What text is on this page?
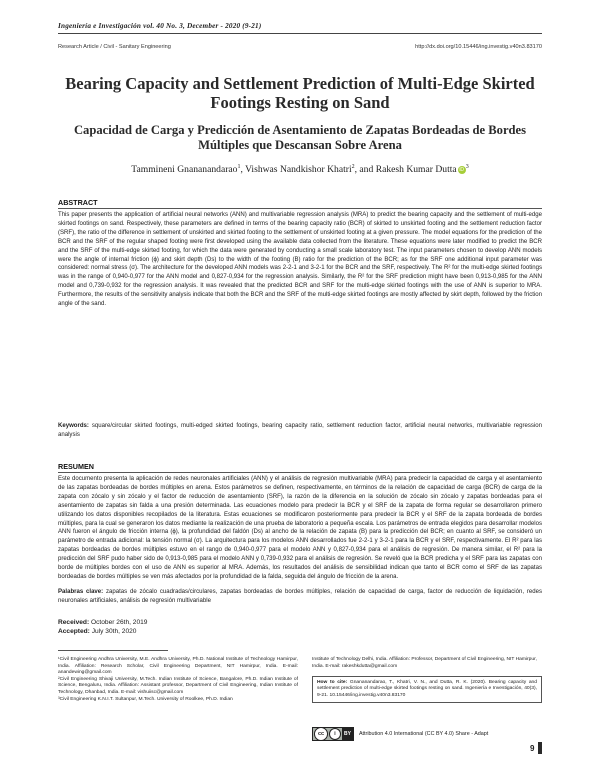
Ingeniería e Investigación vol. 40 No. 3, December - 2020 (9-21)
Research Article / Civil - Sanitary Engineering	http://dx.doi.org/10.15446/ing.investig.v40n3.83170
Bearing Capacity and Settlement Prediction of Multi-Edge Skirted Footings Resting on Sand
Capacidad de Carga y Predicción de Asentamiento de Zapatas Bordeadas de Bordes Múltiples que Descansan Sobre Arena
Tammineni Gnananandarao$^1$, Vishwas Nandkishor Khatri$^2$, and Rakesh Kumar Dutta iD $^3$
ABSTRACT

This paper presents the application of artificial neural networks (ANN) and multivariable regression analysis (MRA) to predict the bearing capacity and the settlement of multi-edge skirted footings on sand. Respectively, these parameters are defined in terms of the bearing capacity ratio (BCR) of skirted to unskirted footing and the settlement reduction factor (SRF), the ratio of the difference in settlement of unskirted and skirted footing to the settlement of unskirted footing at a given pressure. The model equations for the prediction of the BCR and the SRF of the regular shaped footing were first developed using the available data collected from the literature. These equations were later modified to predict the BCR and the SRF of the multi-edge skirted footing, for which the data were generated by conducting a small scale laboratory test. The input parameters chosen to develop ANN models were the angle of internal friction (ϕ) and skirt depth (Ds) to the width of the footing (B) ratio for the prediction of the BCR; as for the SRF one additional input parameter was considered: normal stress (σ). The architecture for the developed ANN models was 2-2-1 and 3-2-1 for the BCR and the SRF, respectively. The R² for the multi-edge skirted footings was in the range of 0,940-0,977 for the ANN model and 0,827-0,934 for the regression analysis. Similarly, the R² for the SRF prediction might have been 0,913-0,985 for the ANN model and 0,739-0,932 for the regression analysis. It was revealed that the predicted BCR and SRF for the multi-edge skirted footings with the use of ANN is superior to MRA. Furthermore, the results of the sensitivity analysis indicate that both the BCR and the SRF of the multi-edge skirted footings are mostly affected by skirt depth, followed by the friction angle of the sand.

Keywords: square/circular skirted footings, multi-edged skirted footings, bearing capacity ratio, settlement reduction factor, artificial neural networks, multivariable regression analysis

RESUMEN

Este documento presenta la aplicación de redes neuronales artificiales (ANN) y el análisis de regresión multivariable (MRA) para predecir la capacidad de carga y el asentamiento de las zapatas bordeadas de bordes múltiples en arena. Estos parámetros se definen, respectivamente, en términos de la relación de capacidad de carga (BCR) de carga de la zapata con zócalo y sin zócalo y el factor de reducción de asentamiento (SRF), la razón de la diferencia en la solución de zócalo sin zócalo y zapatas bordeadas para el asentamiento de zapatas sin falda a una presión determinada. Las ecuaciones modelo para predecir la BCR y el SRF de la zapata de forma regular se desarrollaron primero utilizando los datos disponibles recopilados de la literatura. Estas ecuaciones se modificaron posteriormente para predecir la BCR y el SRF de la zapata bordeada de bordes múltiples, para la cual se generaron los datos mediante la realización de una prueba de laboratorio a pequeña escala. Los parámetros de entrada elegidos para desarrollar modelos ANN fueron el ángulo de fricción interna (ϕ), la profundidad del faldón (Ds) al ancho de la relación de zapata (B) para la predicción del BCR; en cuanto al SRF, se consideró un parámetro de entrada adicional: la tensión normal (σ). La arquitectura para los modelos ANN desarrollados fue 2-2-1 y 3-2-1 para la BCR y el SRF, respectivamente. El R² para las zapatas bordeadas de bordes múltiples estuvo en el rango de 0,940-0,977 para el modelo ANN y 0,827-0,934 para el análisis de regresión. De manera similar, el R² para la predicción del SRF pudo haber sido de 0,913-0,985 para el modelo ANN y 0,739-0,932 para el análisis de regresión. Se reveló que la BCR predicha y el SRF para las zapatas con borde de múltiples bordes con el uso de ANN es superior al MRA. Además, los resultados del análisis de sensibilidad indican que tanto el BCR como el SRF de las zapatas bordeadas de bordes múltiples se ven más afectados por la profundidad de la falda, seguida del ángulo de fricción de la arena.

Palabras clave: zapatas de zócalo cuadradas/circulares, zapatas bordeadas de bordes múltiples, relación de capacidad de carga, factor de reducción de liquidación, redes neuronales artificiales, análisis de regresión multivariable

Received: October 26th, 2019
Accepted: July 30th, 2020

¹Civil Engineering Andhra University, M.E. Andhra University, Ph.D. National Institute of Technology Hamirpur, India. Affiliation: Research Scholar, Civil Engineering Department, NIT Hamirpur, India. E-mail: anandewing@gmail.com

²Civil Engineering Shivaji University, M.Tech. Indian Institute of Science, Bangalore, Ph.D. Indian Institute of Science, Bengaluru, India. Affiliation: Assistant professor, Department of Civil Engineering, Indian Institute of Technology, Dhanbad, India. E-mail: vishuiisc@gmail.com

³Civil Engineering K.N.I.T. Sultanpur, M.Tech. University of Roolkee, Ph.D. Indian

Institute of Technology Delhi, India. Affiliation: Professor, Department of Civil Engineering, NIT Hamirpur, India. E-mail: rakeshkdutta@gmail.com

How to cite: Gnananandarao, T., Khatri, V. N., and Dutta, R. K. (2020). Bearing capacity and settlement prediction of multi-edge skirted footings resting on sand. Ingeniería e Investigación, 40(3), 9-21. 10.15446/ing.investig.v40n3.83170
cc	i	BY	Attribution 4.0 International (CC BY 4.0) Share - Adapt
9
